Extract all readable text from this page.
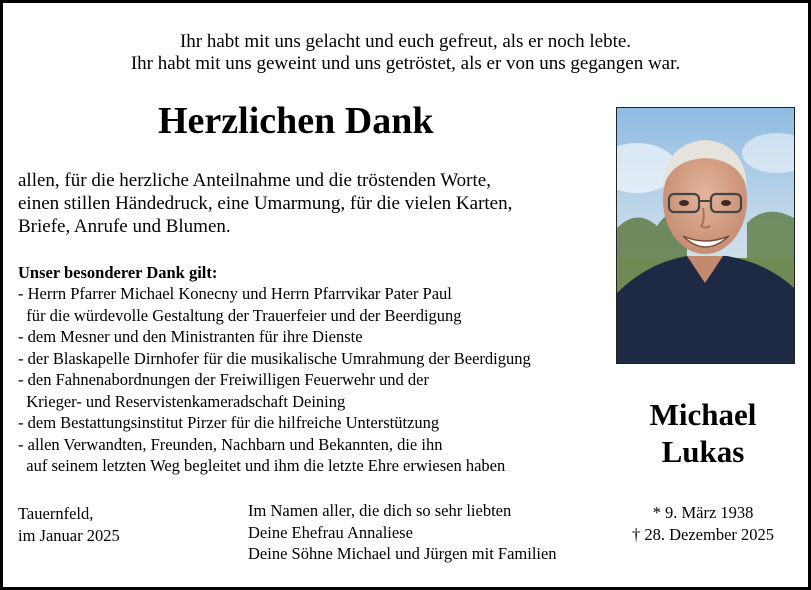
Ihr habt mit uns gelacht und euch gefreut, als er noch lebte.
Ihr habt mit uns geweint und uns getröstet, als er von uns gegangen war.
Herzlichen Dank
allen, für die herzliche Anteilnahme und die tröstenden Worte,
einen stillen Händedruck, eine Umarmung, für die vielen Karten,
Briefe, Anrufe und Blumen.
Unser besonderer Dank gilt:
- Herrn Pfarrer Michael Konecny und Herrn Pfarrvikar Pater Paul
für die würdevolle Gestaltung der Trauerfeier und der Beerdigung
- dem Mesner und den Ministranten für ihre Dienste
- der Blaskapelle Dirnhofer für die musikalische Umrahmung der Beerdigung
- den Fahnenabordnungen der Freiwilligen Feuerwehr und der
Krieger- und Reservistenkameradschaft Deining
- dem Bestattungsinstitut Pirzer für die hilfreiche Unterstützung
- allen Verwandten, Freunden, Nachbarn und Bekannten, die ihn
auf seinem letzten Weg begleitet und ihm die letzte Ehre erwiesen haben
Tauernfeld,
im Januar 2025
Im Namen aller, die dich so sehr liebten
Deine Ehefrau Annaliese
Deine Söhne Michael und Jürgen mit Familien
Michael
Lukas
* 9. März 1938
† 28. Dezember 2025
